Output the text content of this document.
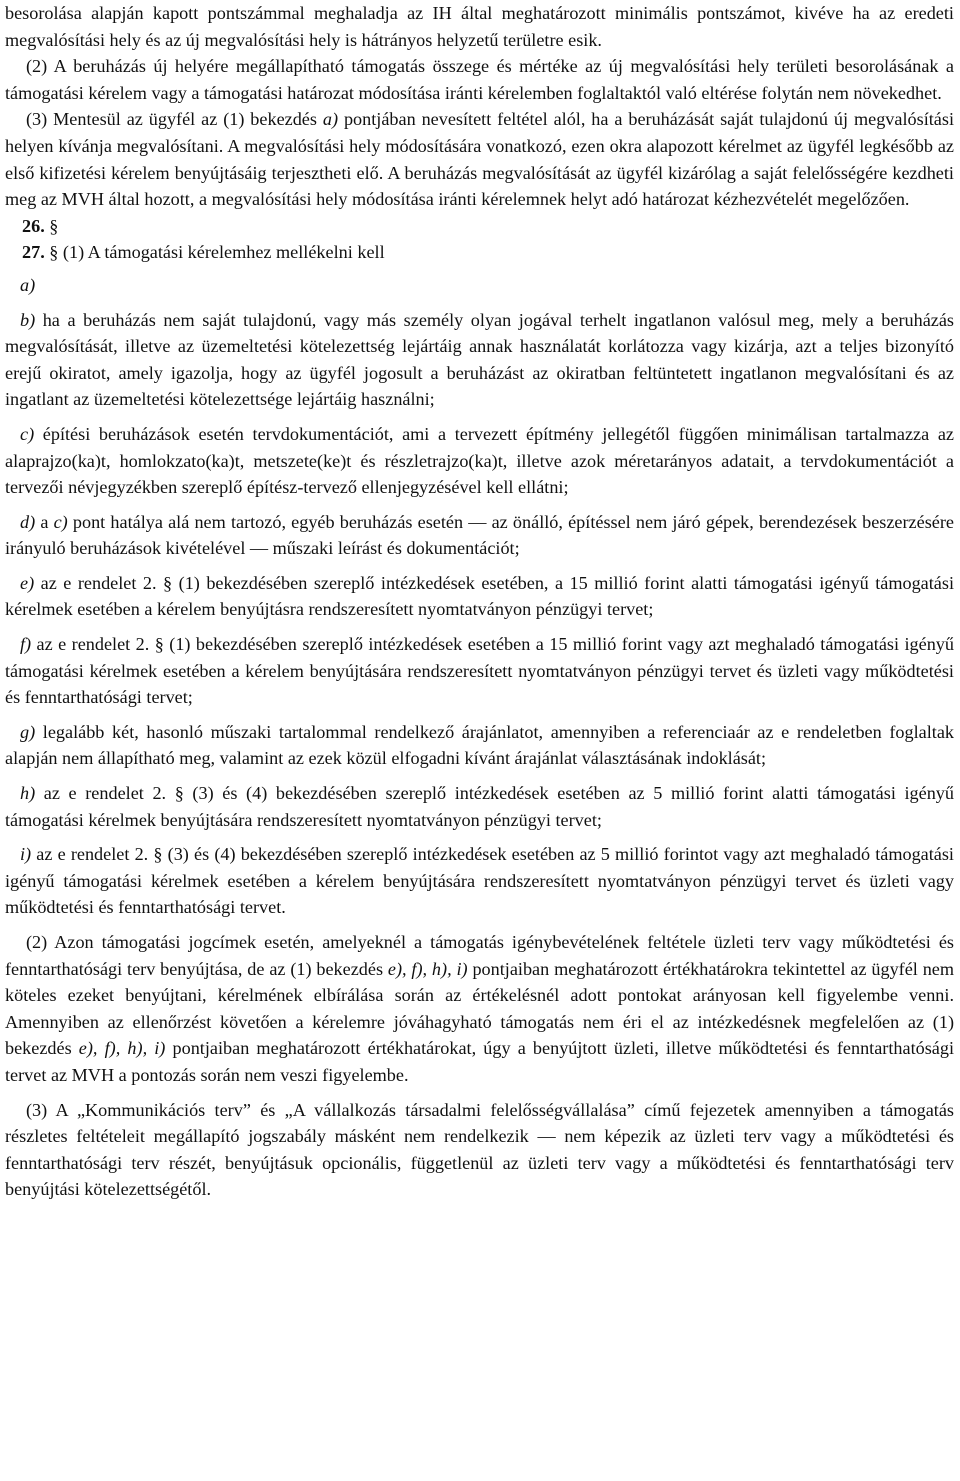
besorolása alapján kapott pontszámmal meghaladja az IH által meghatározott minimális pontszámot, kivéve ha az eredeti megvalósítási hely és az új megvalósítási hely is hátrányos helyzetű területre esik.

(2) A beruházás új helyére megállapítható támogatás összege és mértéke az új megvalósítási hely területi besorolásának a támogatási kérelem vagy a támogatási határozat módosítása iránti kérelemben foglaltaktól való eltérése folytán nem növekedhet.

(3) Mentesül az ügyfél az (1) bekezdés a) pontjában nevesített feltétel alól, ha a beruházását saját tulajdonú új megvalósítási helyen kívánja megvalósítani. A megvalósítási hely módosítására vonatkozó, ezen okra alapozott kérelmet az ügyfél legkésőbb az első kifizetési kérelem benyújtásáig terjesztheti elő. A beruházás megvalósítását az ügyfél kizárólag a saját felelősségére kezdheti meg az MVH által hozott, a megvalósítási hely módosítása iránti kérelemnek helyt adó határozat kézhezvételét megelőzően.

26. §

27. § (1) A támogatási kérelemhez mellékelni kell

a)

b) ha a beruházás nem saját tulajdonú, vagy más személy olyan jogával terhelt ingatlanon valósul meg, mely a beruházás megvalósítását, illetve az üzemeltetési kötelezettség lejártáig annak használatát korlátozza vagy kizárja, azt a teljes bizonyító erejű okiratot, amely igazolja, hogy az ügyfél jogosult a beruházást az okiratban feltüntetett ingatlanon megvalósítani és az ingatlant az üzemeltetési kötelezettsége lejártáig használni;

c) építési beruházások esetén tervdokumentációt, ami a tervezett építmény jellegétől függően minimálisan tartalmazza az alaprajzo(ka)t, homlokzato(ka)t, metszete(ke)t és részletrajzo(ka)t, illetve azok méretarányos adatait, a tervdokumentációt a tervezői névjegyzékben szereplő építész-tervező ellenjegyzésével kell ellátni;

d) a c) pont hatálya alá nem tartozó, egyéb beruházás esetén — az önálló, építéssel nem járó gépek, berendezések beszerzésére irányuló beruházások kivételével — műszaki leírást és dokumentációt;

e) az e rendelet 2. § (1) bekezdésében szereplő intézkedések esetében, a 15 millió forint alatti támogatási igényű támogatási kérelmek esetében a kérelem benyújtásra rendszeresített nyomtatványon pénzügyi tervet;

f) az e rendelet 2. § (1) bekezdésében szereplő intézkedések esetében a 15 millió forint vagy azt meghaladó támogatási igényű támogatási kérelmek esetében a kérelem benyújtására rendszeresített nyomtatványon pénzügyi tervet és üzleti vagy működtetési és fenntarthatósági tervet;

g) legalább két, hasonló műszaki tartalommal rendelkező árajánlatot, amennyiben a referenciaár az e rendeletben foglaltak alapján nem állapítható meg, valamint az ezek közül elfogadni kívánt árajánlat választásának indoklását;

h) az e rendelet 2. § (3) és (4) bekezdésében szereplő intézkedések esetében az 5 millió forint alatti támogatási igényű támogatási kérelmek benyújtására rendszeresített nyomtatványon pénzügyi tervet;

i) az e rendelet 2. § (3) és (4) bekezdésében szereplő intézkedések esetében az 5 millió forintot vagy azt meghaladó támogatási igényű támogatási kérelmek esetében a kérelem benyújtására rendszeresített nyomtatványon pénzügyi tervet és üzleti vagy működtetési és fenntarthatósági tervet.

(2) Azon támogatási jogcímek esetén, amelyeknél a támogatás igénybevételének feltétele üzleti terv vagy működtetési és fenntarthatósági terv benyújtása, de az (1) bekezdés e), f), h), i) pontjaiban meghatározott értékhatárokra tekintettel az ügyfél nem köteles ezeket benyújtani, kérelmének elbírálása során az értékelésnél adott pontokat arányosan kell figyelembe venni. Amennyiben az ellenőrzést követően a kérelemre jóváhagyható támogatás nem éri el az intézkedésnek megfelelően az (1) bekezdés e), f), h), i) pontjaiban meghatározott értékhatárokat, úgy a benyújtott üzleti, illetve működtetési és fenntarthatósági tervet az MVH a pontozás során nem veszi figyelembe.

(3) A „Kommunikációs terv” és „A vállalkozás társadalmi felelősségvállalása” című fejezetek amennyiben a támogatás részletes feltételeit megállapító jogszabály másként nem rendelkezik — nem képezik az üzleti terv vagy a működtetési és fenntarthatósági terv részét, benyújtásuk opcionális, függetlenül az üzleti terv vagy a működtetési és fenntarthatósági terv benyújtási kötelezettségétől.
